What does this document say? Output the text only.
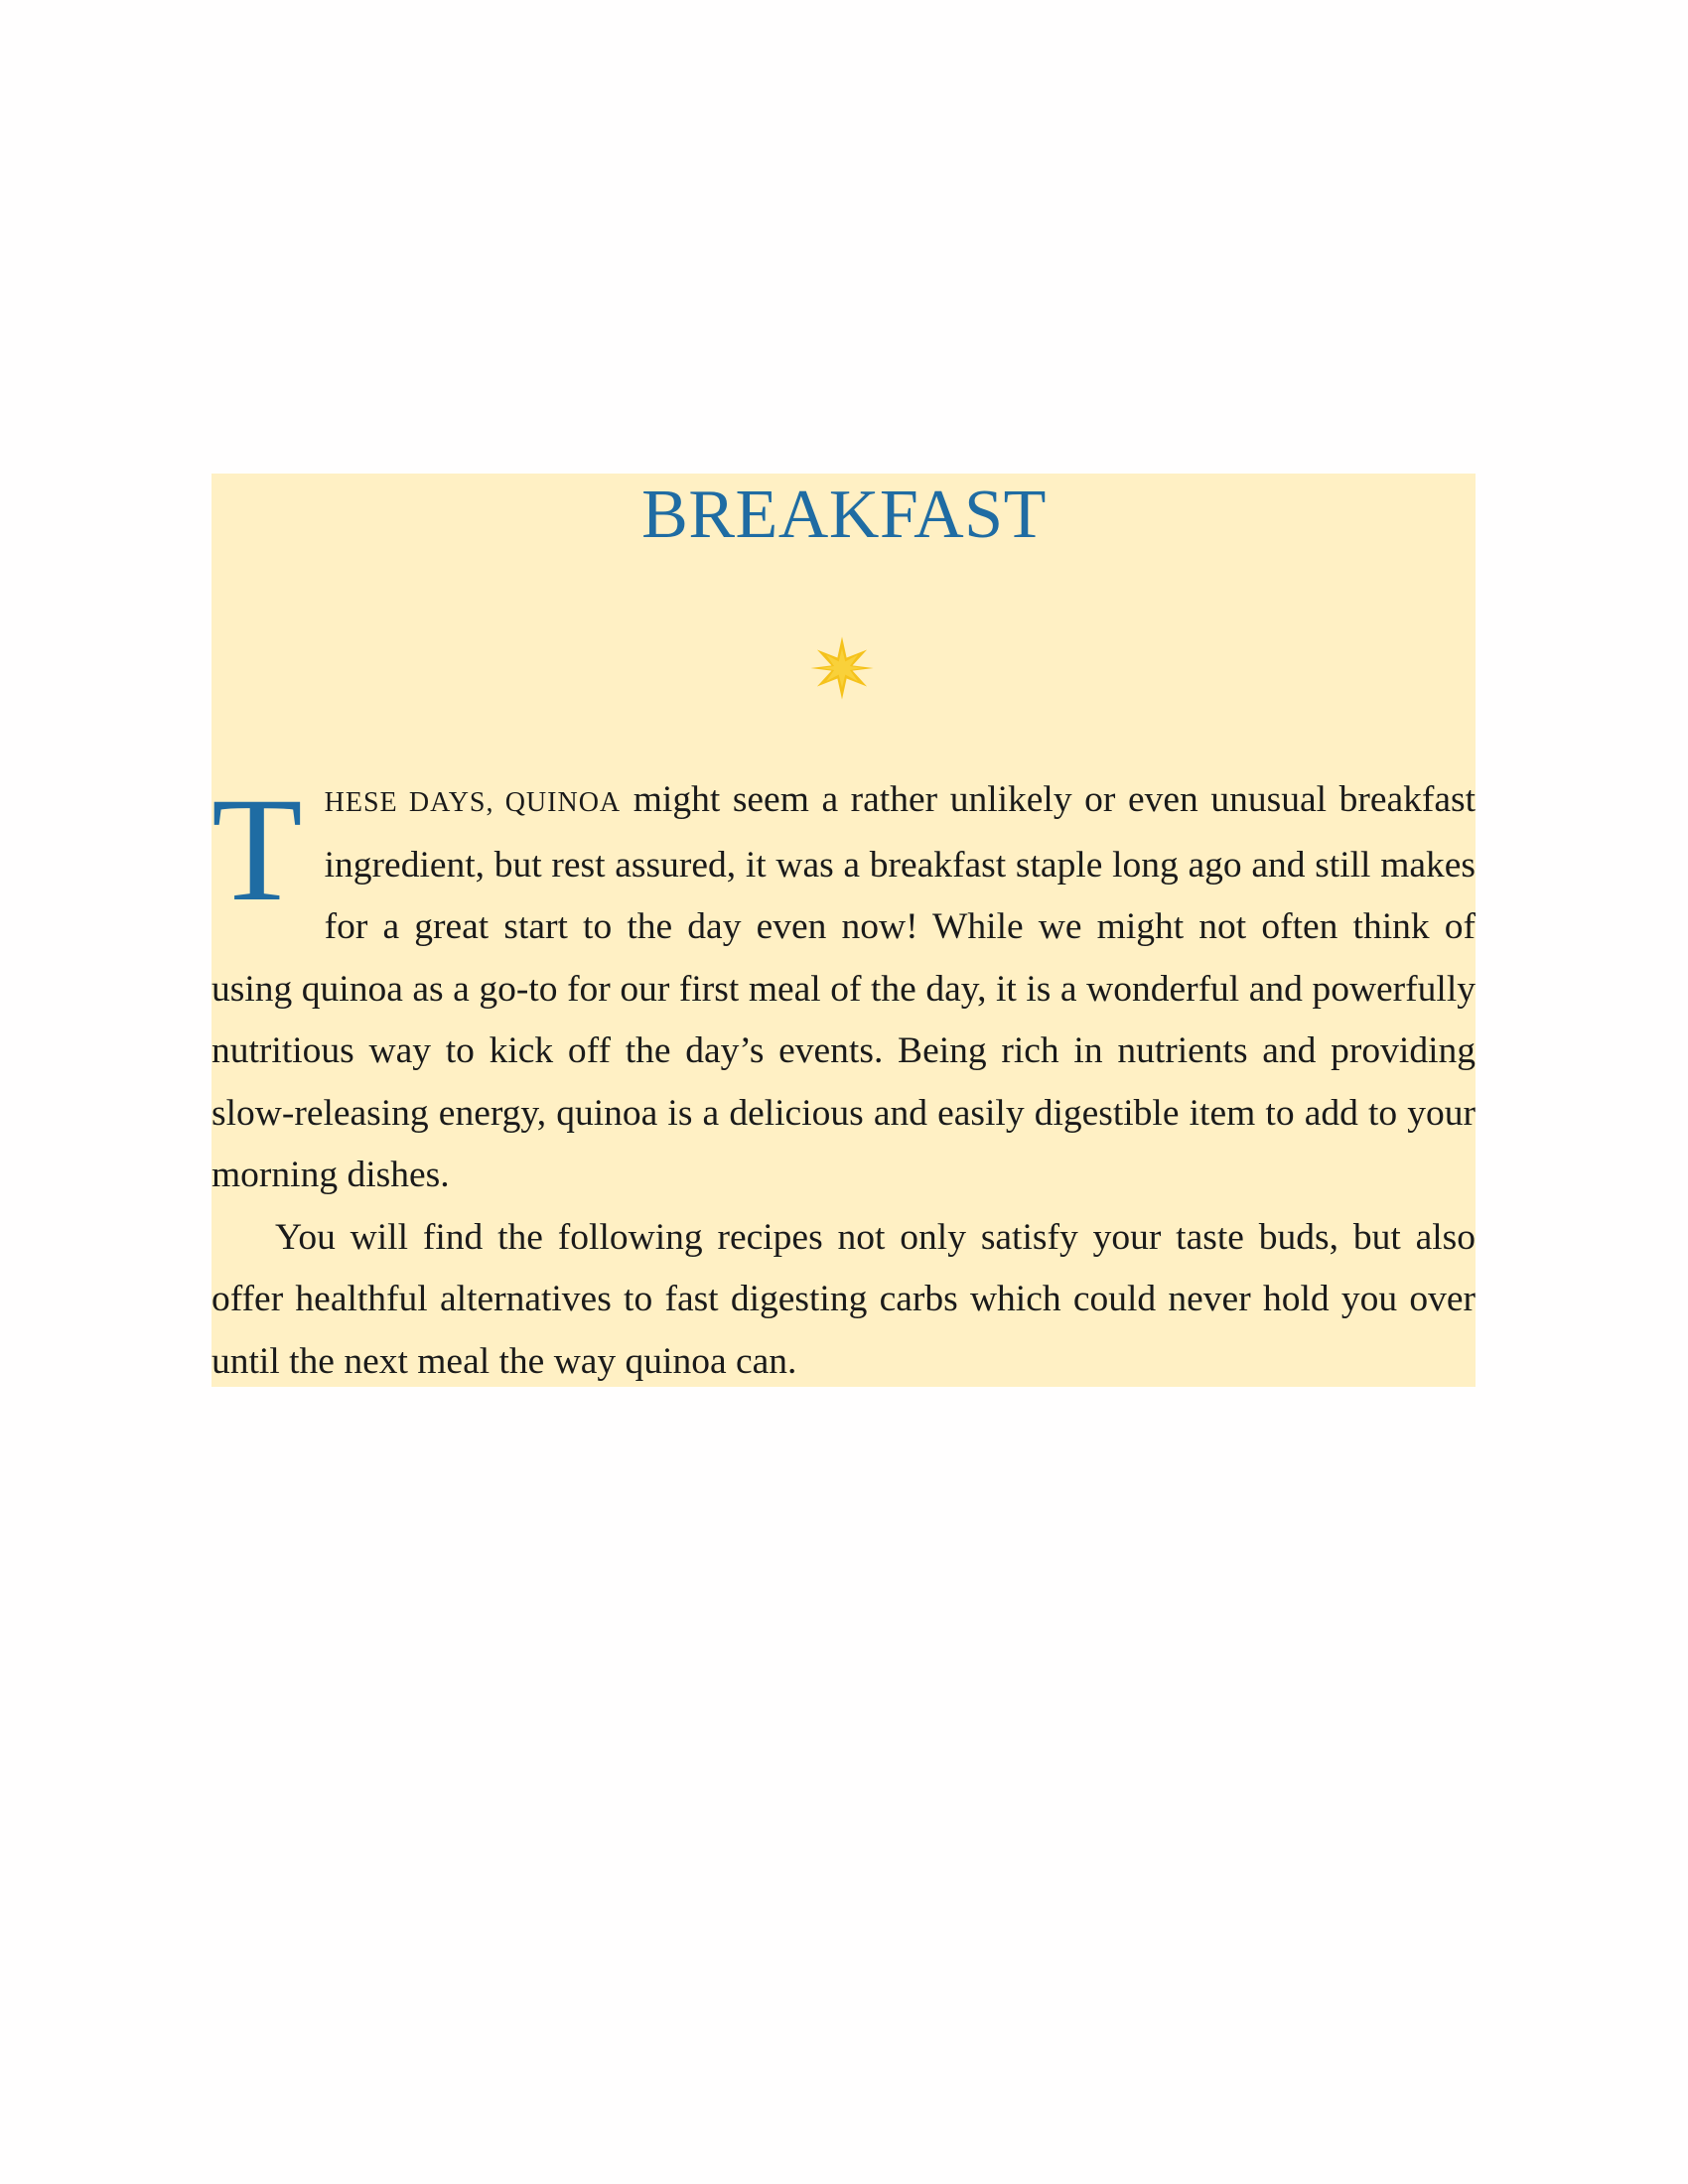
BREAKFAST

THESE DAYS, QUINOA might seem a rather unlikely or even unusual breakfast ingredient, but rest assured, it was a breakfast staple long ago and still makes for a great start to the day even now! While we might not often think of using quinoa as a go-to for our first meal of the day, it is a wonderful and powerfully nutritious way to kick off the day’s events. Being rich in nutrients and providing slow-releasing energy, quinoa is a delicious and easily digestible item to add to your morning dishes.

You will find the following recipes not only satisfy your taste buds, but also offer healthful alternatives to fast digesting carbs which could never hold you over until the next meal the way quinoa can.
